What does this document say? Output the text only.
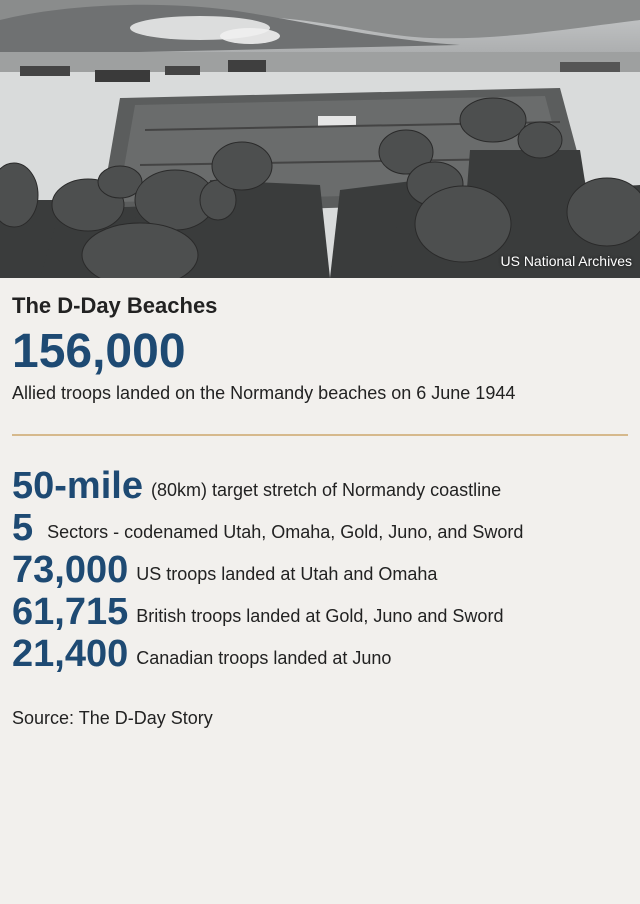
US National Archives
The D-Day Beaches
156,000
Allied troops landed on the Normandy beaches on 6 June 1944
50-mile (80km) target stretch of Normandy coastline
5 Sectors - codenamed Utah, Omaha, Gold, Juno, and Sword
73,000 US troops landed at Utah and Omaha
61,715 British troops landed at Gold, Juno and Sword
21,400 Canadian troops landed at Juno
Source: The D-Day Story
